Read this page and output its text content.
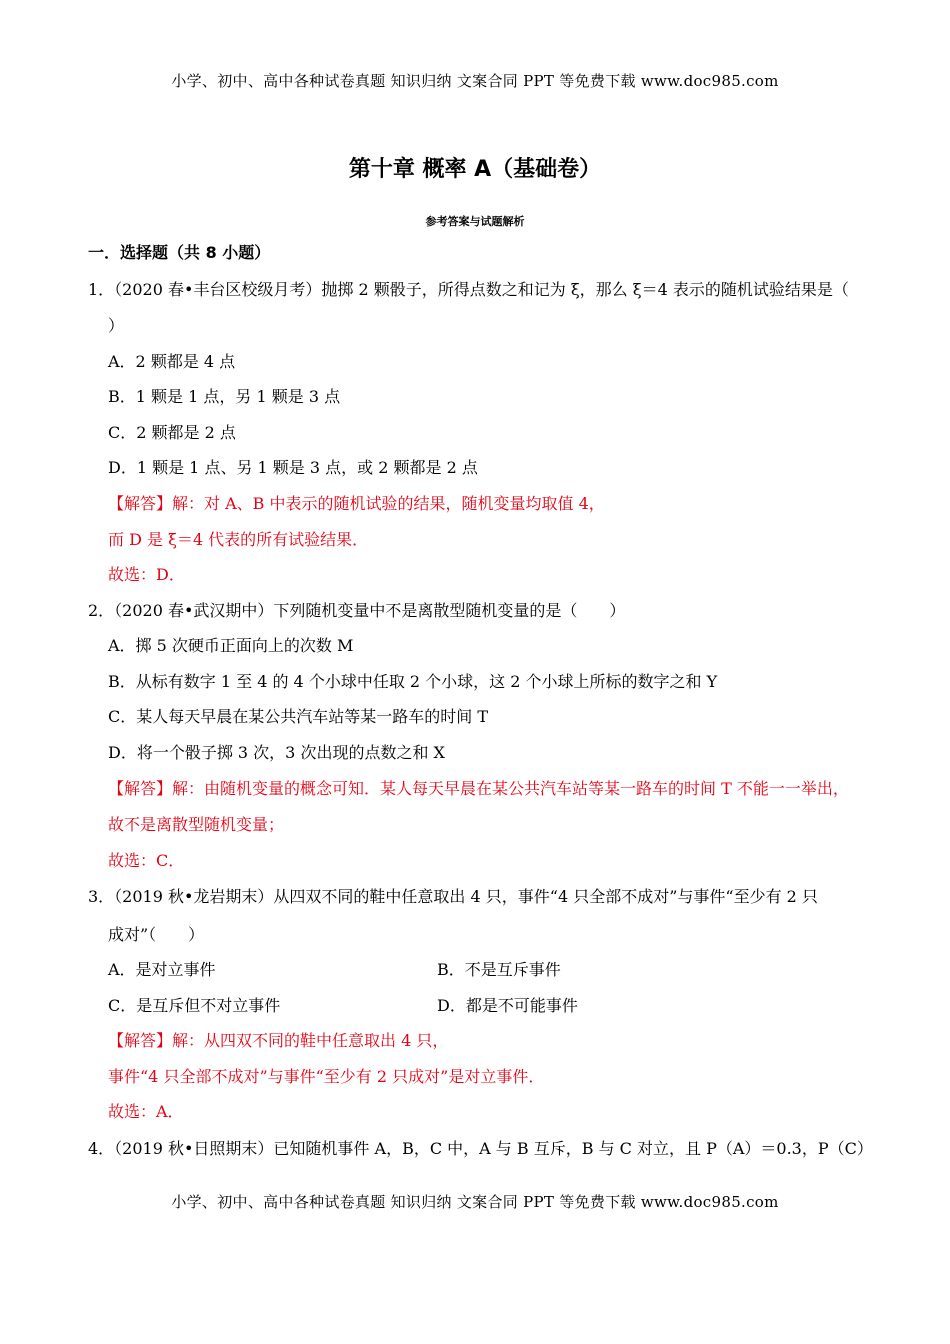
小学、初中、高中各种试卷真题 知识归纳 文案合同 PPT 等免费下载 www.doc985.com
第十章 概率 A（基础卷）
参考答案与试题解析
一．选择题（共 8 小题）
1．（2020 春•丰台区校级月考）抛掷 2 颗骰子，所得点数之和记为 ξ，那么 ξ＝4 表示的随机试验结果是（
）
A．2 颗都是 4 点
B．1 颗是 1 点，另 1 颗是 3 点
C．2 颗都是 2 点
D．1 颗是 1 点、另 1 颗是 3 点，或 2 颗都是 2 点
【解答】解：对 A、B 中表示的随机试验的结果，随机变量均取值 4，
而 D 是 ξ＝4 代表的所有试验结果．
故选：D．
2．（2020 春•武汉期中）下列随机变量中不是离散型随机变量的是（　　）
A．掷 5 次硬币正面向上的次数 M
B．从标有数字 1 至 4 的 4 个小球中任取 2 个小球，这 2 个小球上所标的数字之和 Y
C．某人每天早晨在某公共汽车站等某一路车的时间 T
D．将一个骰子掷 3 次，3 次出现的点数之和 X
【解答】解：由随机变量的概念可知．某人每天早晨在某公共汽车站等某一路车的时间 T 不能一一举出，
故不是离散型随机变量；
故选：C．
3．（2019 秋•龙岩期末）从四双不同的鞋中任意取出 4 只，事件“4 只全部不成对”与事件“至少有 2 只
成对”（　　）
A．是对立事件	B．不是互斥事件
C．是互斥但不对立事件	D．都是不可能事件
【解答】解：从四双不同的鞋中任意取出 4 只，
事件“4 只全部不成对”与事件“至少有 2 只成对”是对立事件．
故选：A．
4．（2019 秋•日照期末）已知随机事件 A，B，C 中，A 与 B 互斥，B 与 C 对立，且 P（A）＝0.3，P（C）
小学、初中、高中各种试卷真题 知识归纳 文案合同 PPT 等免费下载 www.doc985.com
